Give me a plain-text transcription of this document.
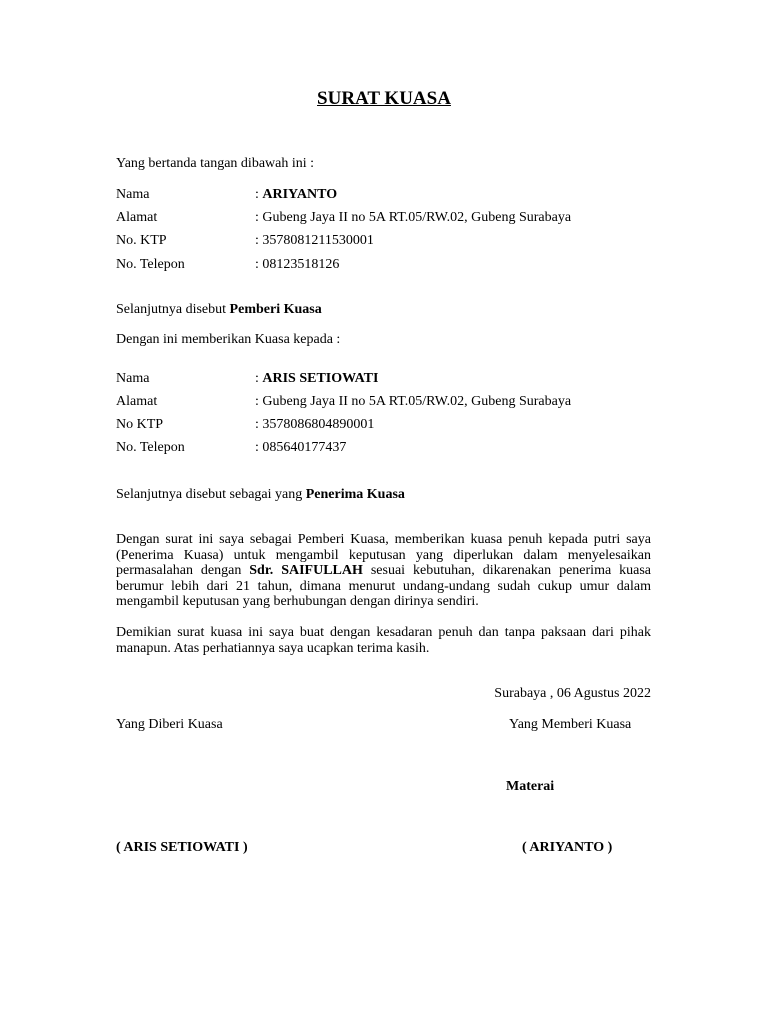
SURAT KUASA
Yang bertanda tangan dibawah ini :
Nama	: ARIYANTO
Alamat	: Gubeng Jaya II no 5A RT.05/RW.02, Gubeng Surabaya
No. KTP	: 3578081211530001
No. Telepon	: 08123518126
Selanjutnya disebut Pemberi Kuasa
Dengan ini memberikan Kuasa kepada :
Nama	: ARIS SETIOWATI
Alamat	: Gubeng Jaya II no 5A RT.05/RW.02, Gubeng Surabaya
No KTP	: 3578086804890001
No. Telepon	: 085640177437
Selanjutnya disebut sebagai yang Penerima Kuasa
Dengan surat ini saya sebagai Pemberi Kuasa, memberikan kuasa penuh kepada putri saya (Penerima Kuasa) untuk mengambil keputusan yang diperlukan dalam menyelesaikan permasalahan dengan Sdr. SAIFULLAH sesuai kebutuhan, dikarenakan penerima kuasa berumur lebih dari 21 tahun, dimana menurut undang-undang sudah cukup umur dalam mengambil keputusan yang berhubungan dengan dirinya sendiri.
Demikian surat kuasa ini saya buat dengan kesadaran penuh dan tanpa paksaan dari pihak manapun. Atas perhatiannya saya ucapkan terima kasih.
Surabaya , 06 Agustus 2022
Yang Diberi Kuasa	Yang Memberi Kuasa
Materai
( ARIS SETIOWATI )	( ARIYANTO )
